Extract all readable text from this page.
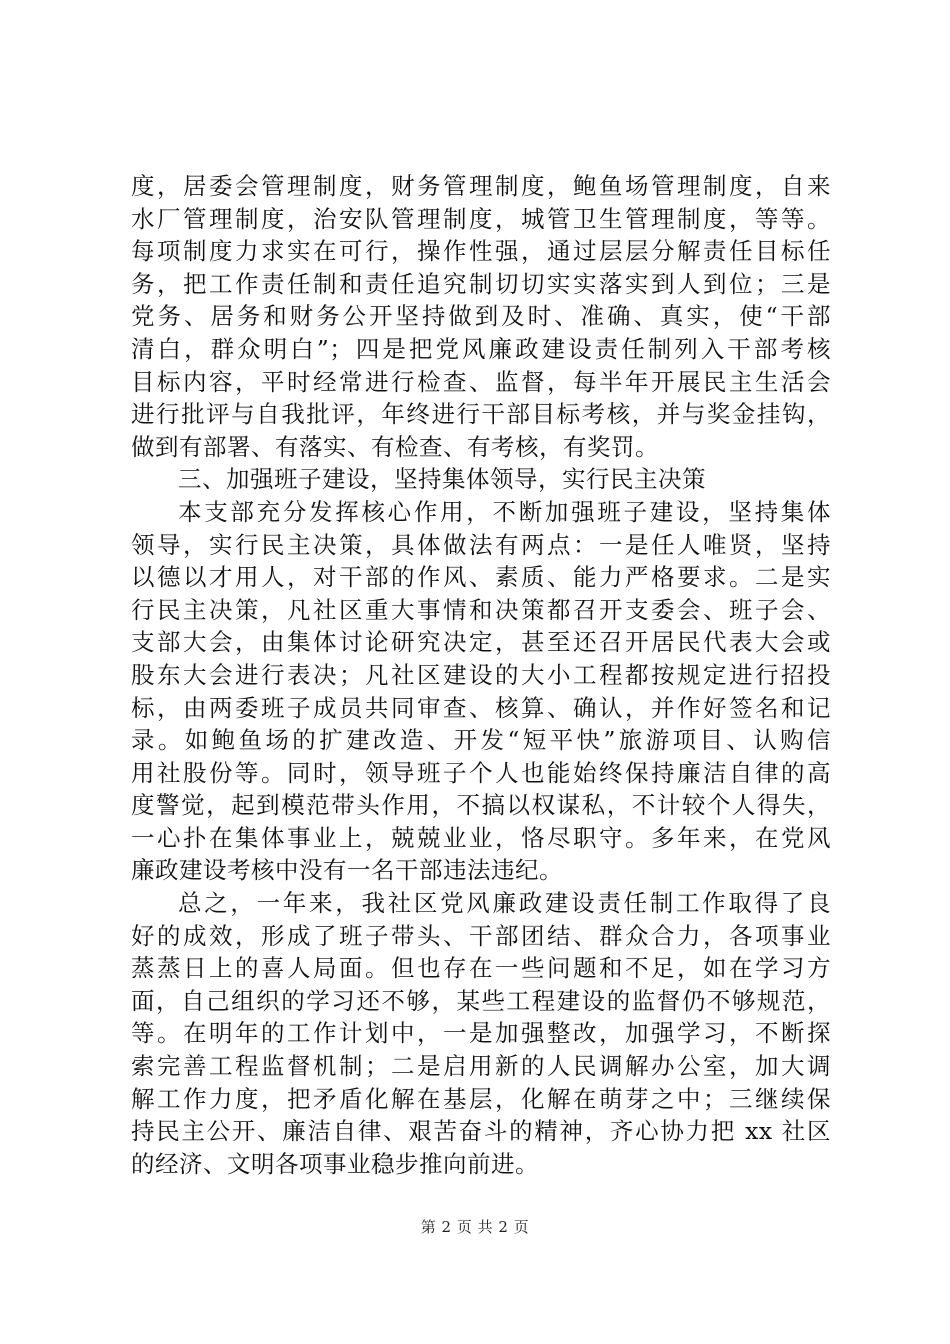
度，居委会管理制度，财务管理制度，鲍鱼场管理制度，自来
水厂管理制度，治安队管理制度，城管卫生管理制度，等等。
每项制度力求实在可行，操作性强，通过层层分解责任目标任
务，把工作责任制和责任追究制切切实实落实到人到位；三是
党务、居务和财务公开坚持做到及时、准确、真实，使“干部
清白，群众明白”；四是把党风廉政建设责任制列入干部考核
目标内容，平时经常进行检查、监督，每半年开展民主生活会
进行批评与自我批评，年终进行干部目标考核，并与奖金挂钩，
做到有部署、有落实、有检查、有考核，有奖罚。
三、加强班子建设，坚持集体领导，实行民主决策
本支部充分发挥核心作用，不断加强班子建设，坚持集体
领导，实行民主决策，具体做法有两点：一是任人唯贤，坚持
以德以才用人，对干部的作风、素质、能力严格要求。二是实
行民主决策，凡社区重大事情和决策都召开支委会、班子会、
支部大会，由集体讨论研究决定，甚至还召开居民代表大会或
股东大会进行表决；凡社区建设的大小工程都按规定进行招投
标，由两委班子成员共同审查、核算、确认，并作好签名和记
录。如鲍鱼场的扩建改造、开发“短平快”旅游项目、认购信
用社股份等。同时，领导班子个人也能始终保持廉洁自律的高
度警觉，起到模范带头作用，不搞以权谋私，不计较个人得失，
一心扑在集体事业上，兢兢业业，恪尽职守。多年来，在党风
廉政建设考核中没有一名干部违法违纪。
总之，一年来，我社区党风廉政建设责任制工作取得了良
好的成效，形成了班子带头、干部团结、群众合力，各项事业
蒸蒸日上的喜人局面。但也存在一些问题和不足，如在学习方
面，自己组织的学习还不够，某些工程建设的监督仍不够规范，
等。在明年的工作计划中，一是加强整改，加强学习，不断探
索完善工程监督机制；二是启用新的人民调解办公室，加大调
解工作力度，把矛盾化解在基层，化解在萌芽之中；三继续保
持民主公开、廉洁自律、艰苦奋斗的精神，齐心协力把 xx 社区
的经济、文明各项事业稳步推向前进。
第 2 页 共 2 页
